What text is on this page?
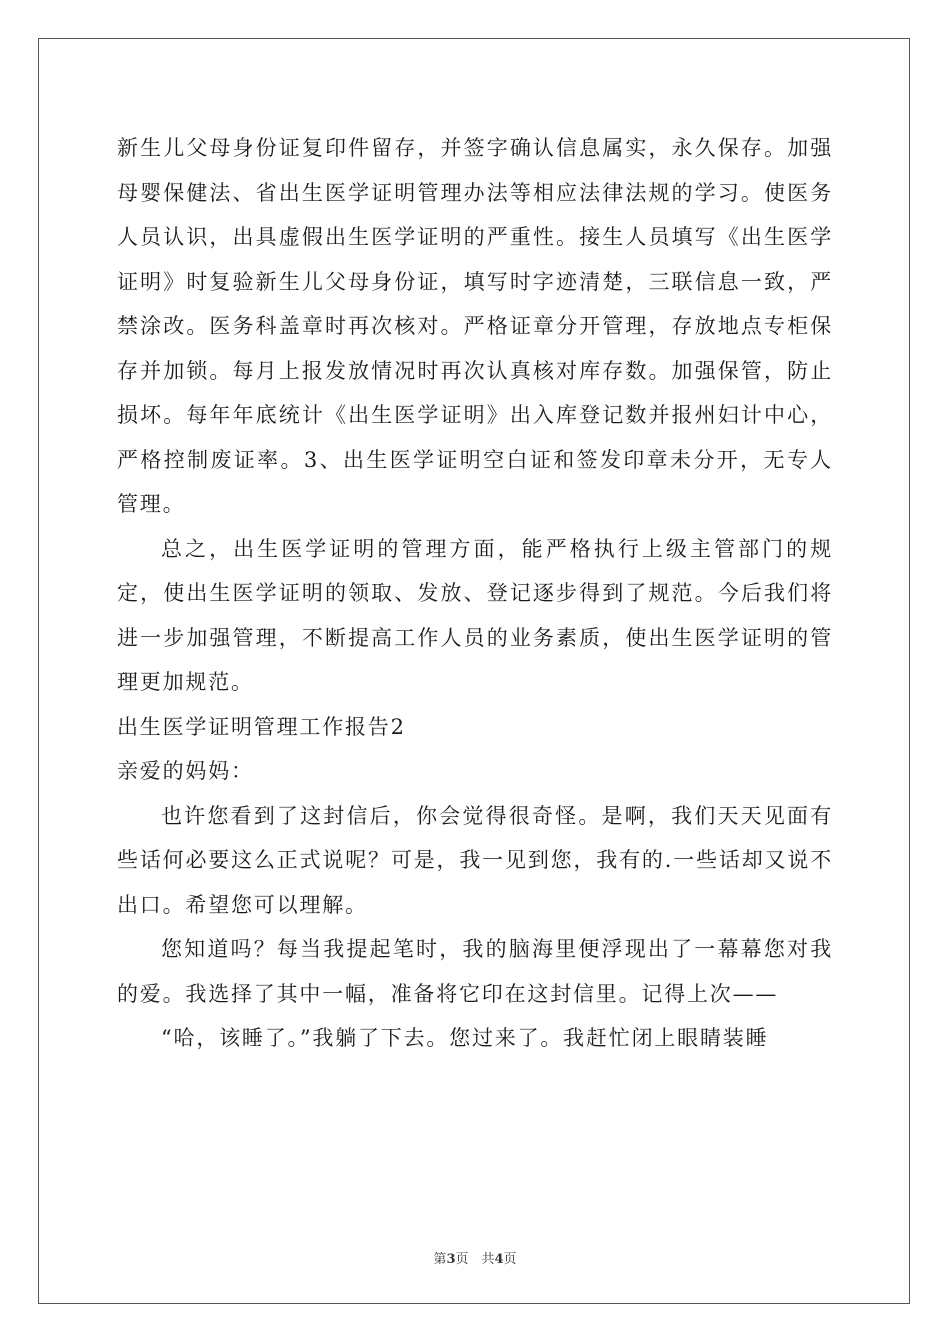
新生儿父母身份证复印件留存，并签字确认信息属实，永久保存。加强母婴保健法、省出生医学证明管理办法等相应法律法规的学习。使医务人员认识，出具虚假出生医学证明的严重性。接生人员填写《出生医学证明》时复验新生儿父母身份证，填写时字迹清楚，三联信息一致，严禁涂改。医务科盖章时再次核对。严格证章分开管理，存放地点专柜保存并加锁。每月上报发放情况时再次认真核对库存数。加强保管，防止损坏。每年年底统计《出生医学证明》出入库登记数并报州妇计中心，严格控制废证率。3、出生医学证明空白证和签发印章未分开，无专人管理。

总之，出生医学证明的管理方面，能严格执行上级主管部门的规定，使出生医学证明的领取、发放、登记逐步得到了规范。今后我们将进一步加强管理，不断提高工作人员的业务素质，使出生医学证明的管理更加规范。

出生医学证明管理工作报告2

亲爱的妈妈：

也许您看到了这封信后，你会觉得很奇怪。是啊，我们天天见面有些话何必要这么正式说呢？可是，我一见到您，我有的.一些话却又说不出口。希望您可以理解。

您知道吗？每当我提起笔时，我的脑海里便浮现出了一幕幕您对我的爱。我选择了其中一幅，准备将它印在这封信里。记得上次——

“哈，该睡了。”我躺了下去。您过来了。我赶忙闭上眼睛装睡

第3页　共4页
